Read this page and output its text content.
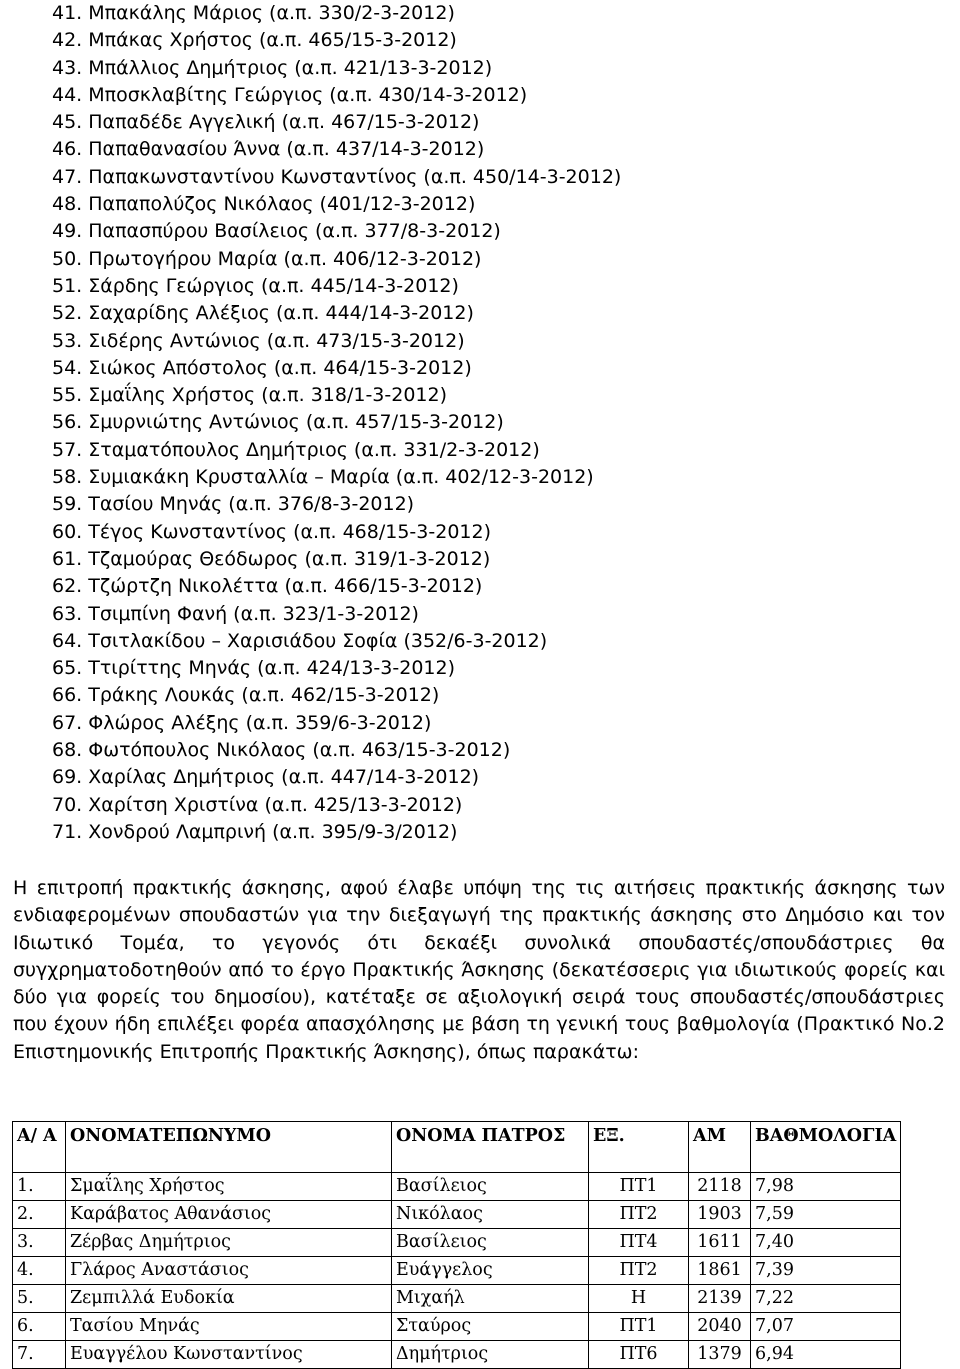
41. Μπακάλης Μάριος (α.π. 330/2-3-2012)
42. Μπάκας Χρήστος (α.π. 465/15-3-2012)
43. Μπάλλιος Δημήτριος (α.π. 421/13-3-2012)
44. Μποσκλαβίτης Γεώργιος (α.π. 430/14-3-2012)
45. Παπαδέδε Αγγελική (α.π. 467/15-3-2012)
46. Παπαθανασίου Άννα (α.π. 437/14-3-2012)
47. Παπακωνσταντίνου Κωνσταντίνος (α.π. 450/14-3-2012)
48. Παπαπολύζος Νικόλαος (401/12-3-2012)
49. Παπασπύρου Βασίλειος (α.π. 377/8-3-2012)
50. Πρωτογήρου Μαρία (α.π. 406/12-3-2012)
51. Σάρδης Γεώργιος (α.π. 445/14-3-2012)
52. Σαχαρίδης Αλέξιος (α.π. 444/14-3-2012)
53. Σιδέρης Αντώνιος (α.π. 473/15-3-2012)
54. Σιώκος Απόστολος (α.π. 464/15-3-2012)
55. Σμαΐλης Χρήστος (α.π. 318/1-3-2012)
56. Σμυρνιώτης Αντώνιος (α.π. 457/15-3-2012)
57. Σταματόπουλος Δημήτριος (α.π. 331/2-3-2012)
58. Συμιακάκη Κρυσταλλία – Μαρία (α.π. 402/12-3-2012)
59. Τασίου Μηνάς (α.π. 376/8-3-2012)
60. Τέγος Κωνσταντίνος (α.π. 468/15-3-2012)
61. Τζαμούρας Θεόδωρος (α.π. 319/1-3-2012)
62. Τζώρτζη Νικολέττα (α.π. 466/15-3-2012)
63. Τσιμπίνη Φανή (α.π. 323/1-3-2012)
64. Τσιτλακίδου – Χαρισιάδου Σοφία (352/6-3-2012)
65. Ττιρίττης Μηνάς (α.π. 424/13-3-2012)
66. Τράκης Λουκάς (α.π. 462/15-3-2012)
67. Φλώρος Αλέξης (α.π. 359/6-3-2012)
68. Φωτόπουλος Νικόλαος (α.π. 463/15-3-2012)
69. Χαρίλας Δημήτριος (α.π. 447/14-3-2012)
70. Χαρίτση Χριστίνα (α.π. 425/13-3-2012)
71. Χονδρού Λαμπρινή (α.π. 395/9-3/2012)

Η επιτροπή πρακτικής άσκησης, αφού έλαβε υπόψη της τις αιτήσεις πρακτικής άσκησης των ενδιαφερομένων σπουδαστών για την διεξαγωγή της πρακτικής άσκησης στο Δημόσιο και τον Ιδιωτικό Τομέα, το γεγονός ότι δεκαέξι συνολικά σπουδαστές/σπουδάστριες θα συγχρηματοδοτηθούν από το έργο Πρακτικής Άσκησης (δεκατέσσερις για ιδιωτικούς φορείς και δύο για φορείς του δημοσίου), κατέταξε σε αξιολογική σειρά τους σπουδαστές/σπουδάστριες που έχουν ήδη επιλέξει φορέα απασχόλησης με βάση τη γενική τους βαθμολογία (Πρακτικό Νο.2 Επιστημονικής Επιτροπής Πρακτικής Άσκησης), όπως παρακάτω:

Α/ Α	ΟΝΟΜΑΤΕΠΩΝΥΜΟ	ΟΝΟΜΑ ΠΑΤΡΟΣ	ΕΞ.	ΑΜ	ΒΑΘΜΟΛΟΓΙΑ
1.	Σμαΐλης Χρήστος	Βασίλειος	ΠΤ1	2118	7,98
2.	Καράβατος Αθανάσιος	Νικόλαος	ΠΤ2	1903	7,59
3.	Ζέρβας Δημήτριος	Βασίλειος	ΠΤ4	1611	7,40
4.	Γλάρος Αναστάσιος	Ευάγγελος	ΠΤ2	1861	7,39
5.	Ζεμπιλλά Ευδοκία	Μιχαήλ	Η	2139	7,22
6.	Τασίου Μηνάς	Σταύρος	ΠΤ1	2040	7,07
7.	Ευαγγέλου Κωνσταντίνος	Δημήτριος	ΠΤ6	1379	6,94
